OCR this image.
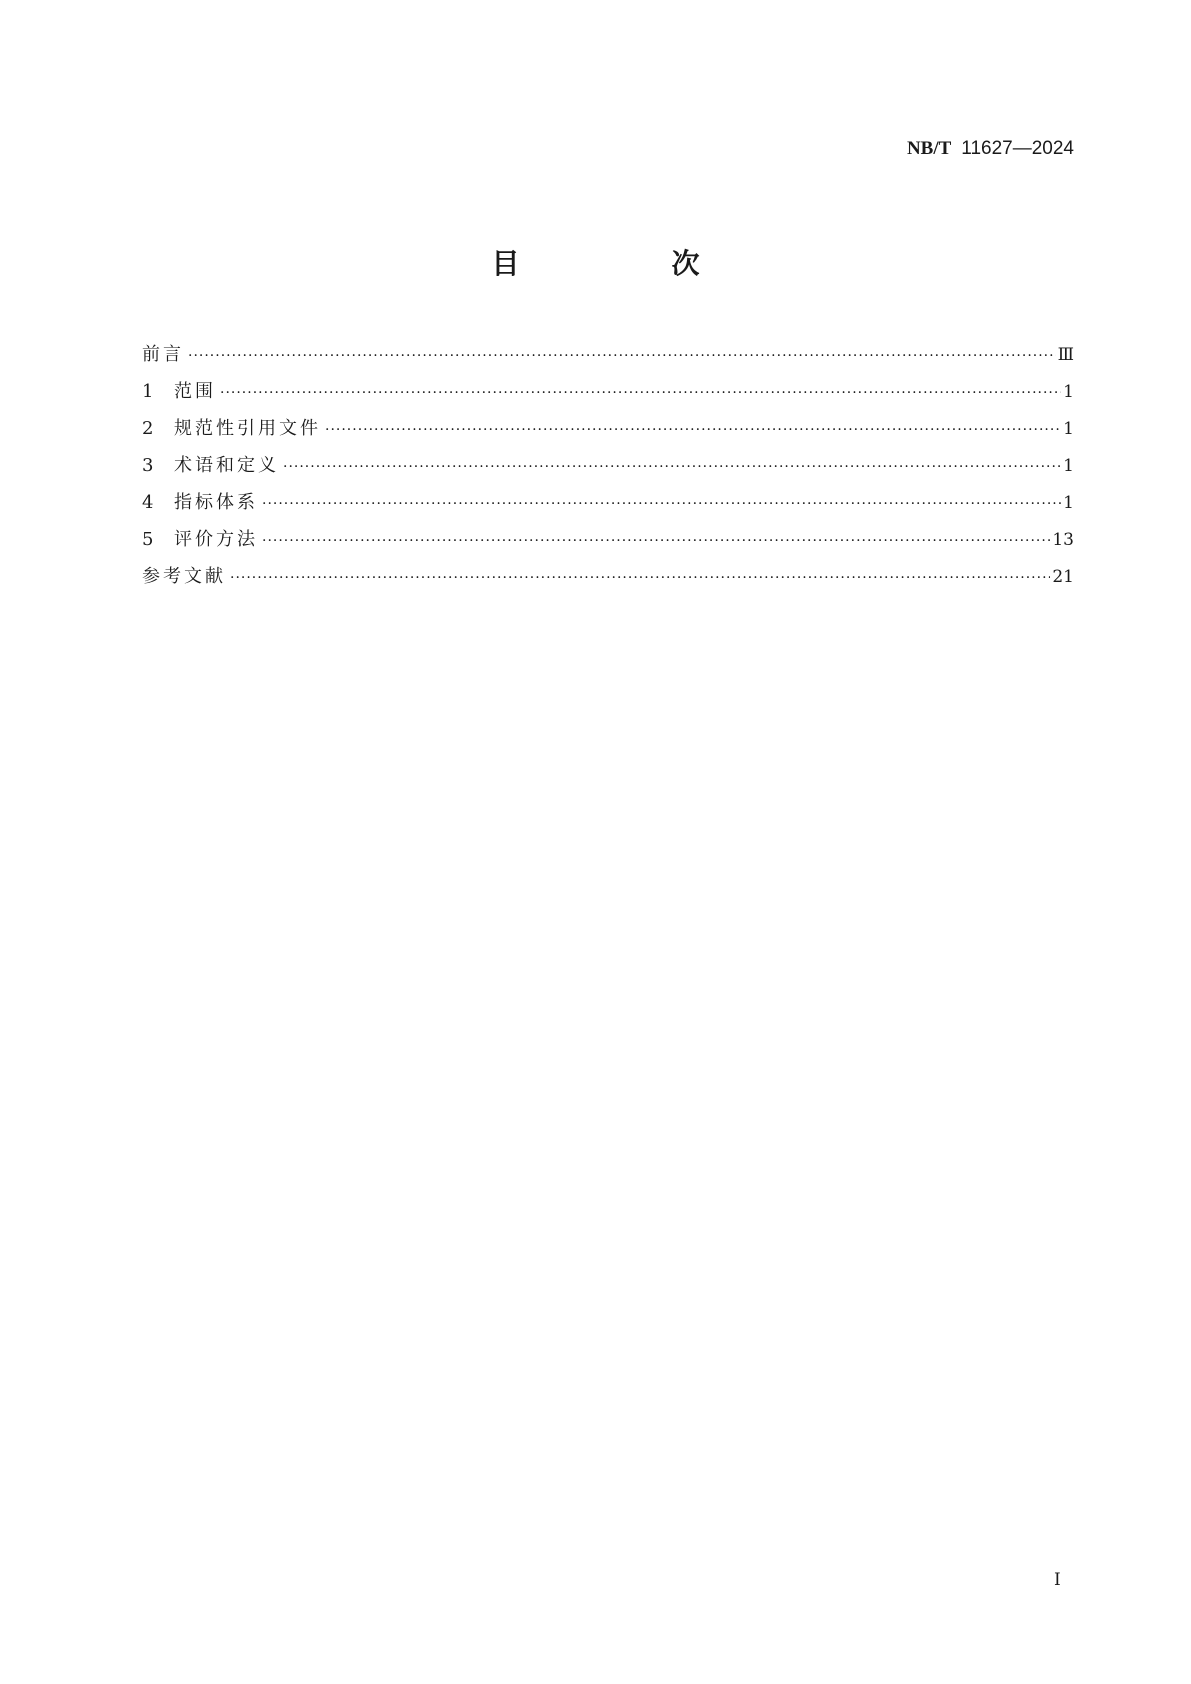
NB/T 11627—2024
目　次
前言 ·····	Ⅲ
1	范围 ·····	1
2	规范性引用文件 ·····	1
3	术语和定义 ·····	1
4	指标体系 ·····	1
5	评价方法 ·····	13
参考文献 ·····	21
I
